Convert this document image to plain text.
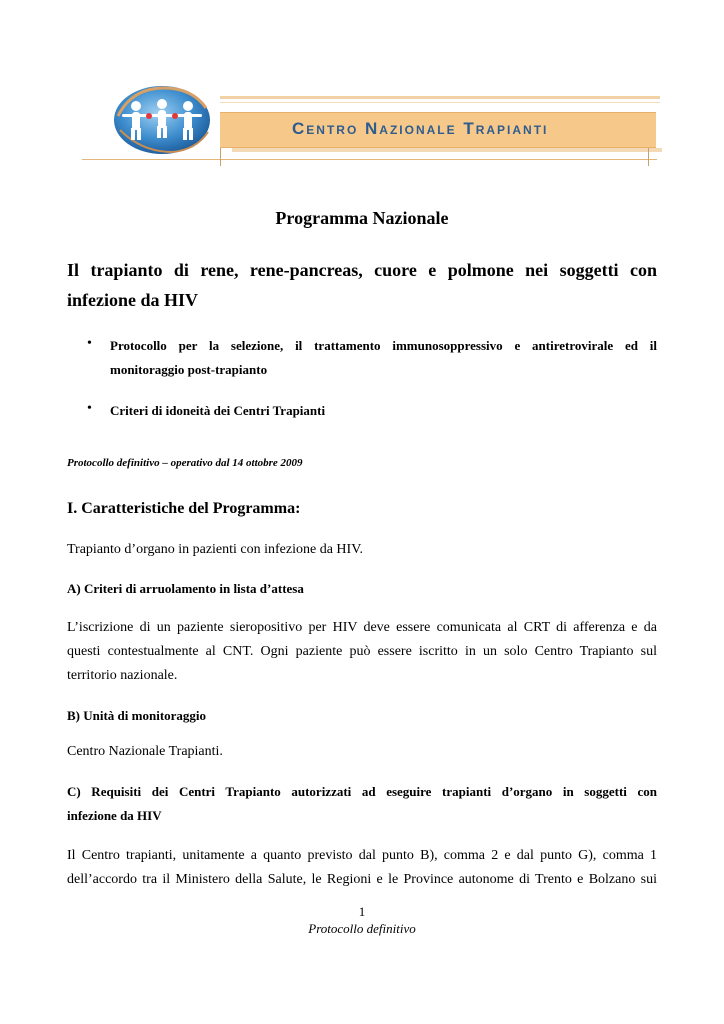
Centro Nazionale Trapianti
Programma Nazionale
Il trapianto di rene, rene-pancreas, cuore e polmone nei soggetti con
infezione da HIV
• Protocollo per la selezione, il trattamento immunosoppressivo e antiretrovirale ed il
monitoraggio post-trapianto
• Criteri di idoneità dei Centri Trapianti
Protocollo definitivo – operativo dal 14 ottobre 2009
I. Caratteristiche del Programma:
Trapianto d’organo in pazienti con infezione da HIV.
A) Criteri di arruolamento in lista d’attesa
L’iscrizione di un paziente sieropositivo per HIV deve essere comunicata al CRT di afferenza e da
questi contestualmente al CNT. Ogni paziente può essere iscritto in un solo Centro Trapianto sul
territorio nazionale.
B) Unità di monitoraggio
Centro Nazionale Trapianti.
C) Requisiti dei Centri Trapianto autorizzati ad eseguire trapianti d’organo in soggetti con
infezione da HIV
Il Centro trapianti, unitamente a quanto previsto dal punto B), comma 2 e dal punto G), comma 1
dell’accordo tra il Ministero della Salute, le Regioni e le Province autonome di Trento e Bolzano sui
1
Protocollo definitivo
